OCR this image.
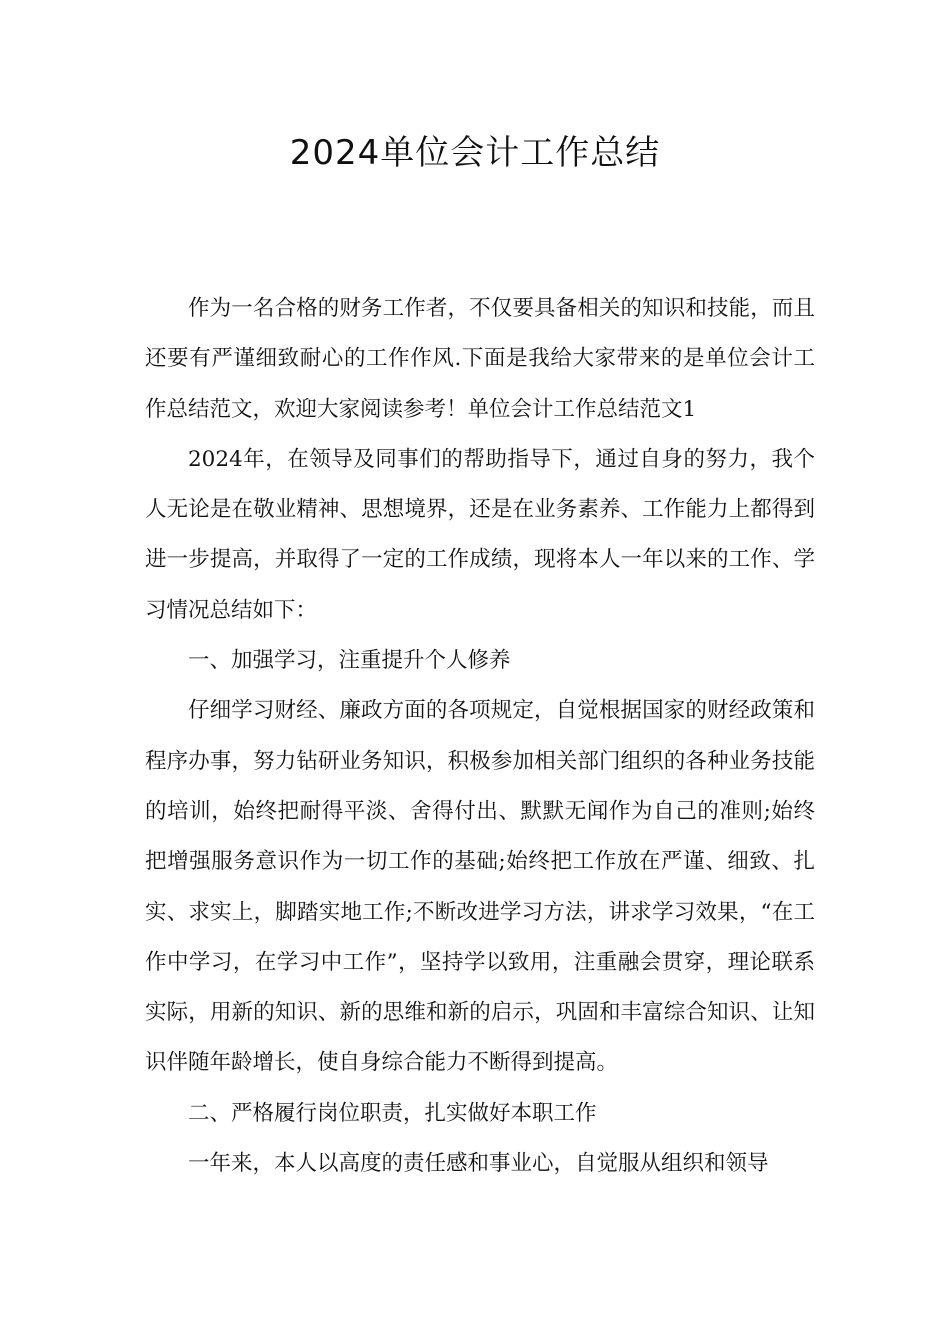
2024单位会计工作总结

作为一名合格的财务工作者，不仅要具备相关的知识和技能，而且还要有严谨细致耐心的工作作风.下面是我给大家带来的是单位会计工作总结范文，欢迎大家阅读参考！单位会计工作总结范文1

2024年，在领导及同事们的帮助指导下，通过自身的努力，我个人无论是在敬业精神、思想境界，还是在业务素养、工作能力上都得到进一步提高，并取得了一定的工作成绩，现将本人一年以来的工作、学习情况总结如下：

一、加强学习，注重提升个人修养

仔细学习财经、廉政方面的各项规定，自觉根据国家的财经政策和程序办事，努力钻研业务知识，积极参加相关部门组织的各种业务技能的培训，始终把耐得平淡、舍得付出、默默无闻作为自己的准则;始终把增强服务意识作为一切工作的基础;始终把工作放在严谨、细致、扎实、求实上，脚踏实地工作;不断改进学习方法，讲求学习效果，“在工作中学习，在学习中工作”，坚持学以致用，注重融会贯穿，理论联系实际，用新的知识、新的思维和新的启示，巩固和丰富综合知识、让知识伴随年龄增长，使自身综合能力不断得到提高。

二、严格履行岗位职责，扎实做好本职工作

一年来，本人以高度的责任感和事业心，自觉服从组织和领导
